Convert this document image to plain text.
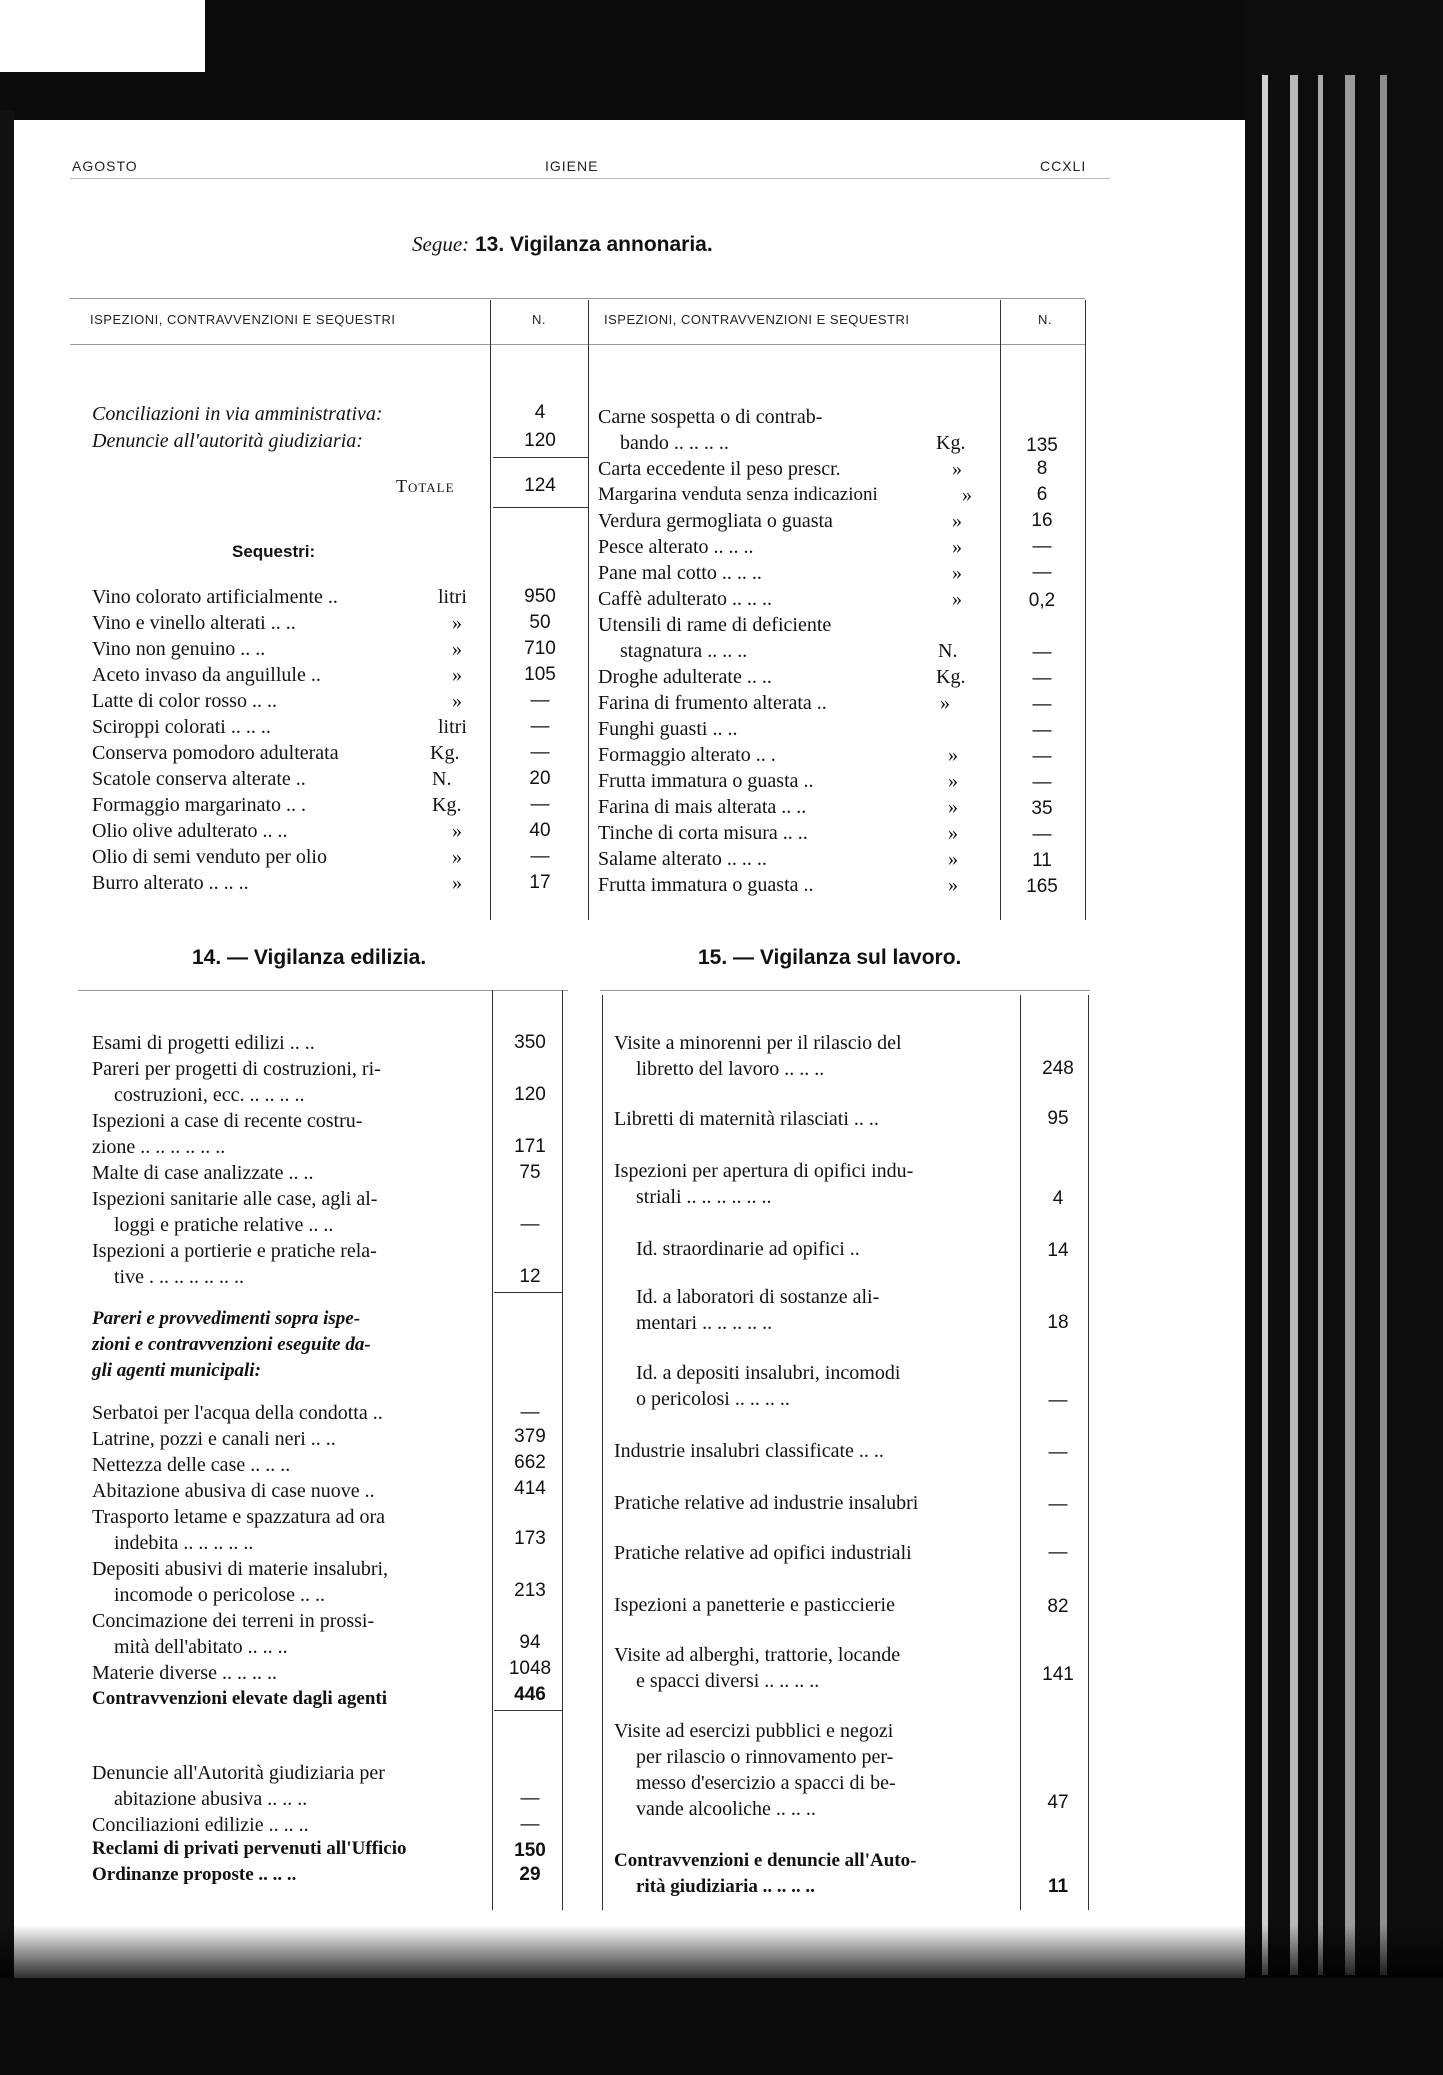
AGOSTO	IGIENE	CCXLI
Segue: 13. Vigilanza annonaria.
ISPEZIONI, CONTRAVVENZIONI E SEQUESTRI	N.	ISPEZIONI, CONTRAVVENZIONI E SEQUESTRI	N.
Conciliazioni in via amministrativa:	4
Denuncie all'autorità giudiziaria:	120
Totale	124
Sequestri:
Vino colorato artificialmente ..	litri	950
Vino e vinello alterati .. ..	»	50
Vino non genuino .. ..	»	710
Aceto invaso da anguillule ..	»	105
Latte di color rosso .. ..	»	—
Sciroppi colorati .. .. ..	litri	—
Conserva pomodoro adulterata	Kg.	—
Scatole conserva alterate ..	N.	20
Formaggio margarinato .. .	Kg.	—
Olio olive adulterato .. ..	»	40
Olio di semi venduto per olio	»	—
Burro alterato .. .. ..	»	17
Carne sospetta o di contrab-
bando .. .. .. ..	Kg.	135
Carta eccedente il peso prescr.	»	8
Margarina venduta senza indicazioni	»	6
Verdura germogliata o guasta	»	16
Pesce alterato .. .. ..	»	—
Pane mal cotto .. .. ..	»	—
Caffè adulterato .. .. ..	»	0,2
Utensili di rame di deficiente
stagnatura .. .. ..	N.	—
Droghe adulterate .. ..	Kg.	—
Farina di frumento alterata ..	»	—
Funghi guasti .. ..	—
Formaggio alterato .. .	»	—
Frutta immatura o guasta ..	»	—
Farina di mais alterata .. ..	»	35
Tinche di corta misura .. ..	»	—
Salame alterato .. .. ..	»	11
Frutta immatura o guasta ..	»	165
14. — Vigilanza edilizia.	15. — Vigilanza sul lavoro.
Esami di progetti edilizi .. ..	350
Pareri per progetti di costruzioni, ri-
costruzioni, ecc. .. .. .. ..	120
Ispezioni a case di recente costru-
zione .. .. .. .. .. ..	171
Malte di case analizzate .. ..	75
Ispezioni sanitarie alle case, agli al-
loggi e pratiche relative .. ..	—
Ispezioni a portierie e pratiche rela-
tive . .. .. .. .. .. ..	12
Pareri e provvedimenti sopra ispe-
zioni e contravvenzioni eseguite da-
gli agenti municipali:
Serbatoi per l'acqua della condotta ..	—
Latrine, pozzi e canali neri .. ..	379
Nettezza delle case .. .. ..	662
Abitazione abusiva di case nuove ..	414
Trasporto letame e spazzatura ad ora
indebita .. .. .. .. ..	173
Depositi abusivi di materie insalubri,
incomode o pericolose .. ..	213
Concimazione dei terreni in prossi-
mità dell'abitato .. .. ..	94
Materie diverse .. .. .. ..	1048
Contravvenzioni elevate dagli agenti	446
Denuncie all'Autorità giudiziaria per
abitazione abusiva .. .. ..	—
Conciliazioni edilizie .. .. ..	—
Reclami di privati pervenuti all'Ufficio	150
Ordinanze proposte .. .. ..	29
Visite a minorenni per il rilascio del
libretto del lavoro .. .. ..	248
Libretti di maternità rilasciati .. ..	95
Ispezioni per apertura di opifici indu-
striali .. .. .. .. .. ..	4
Id. straordinarie ad opifici ..	14
Id. a laboratori di sostanze ali-
mentari .. .. .. .. ..	18
Id. a depositi insalubri, incomodi
o pericolosi .. .. .. ..	—
Industrie insalubri classificate .. ..	—
Pratiche relative ad industrie insalubri	—
Pratiche relative ad opifici industriali	—
Ispezioni a panetterie e pasticcierie	82
Visite ad alberghi, trattorie, locande
e spacci diversi .. .. .. ..	141
Visite ad esercizi pubblici e negozi
per rilascio o rinnovamento per-
messo d'esercizio a spacci di be-
vande alcooliche .. .. ..	47
Contravvenzioni e denuncie all'Auto-
rità giudiziaria .. .. .. ..	11
